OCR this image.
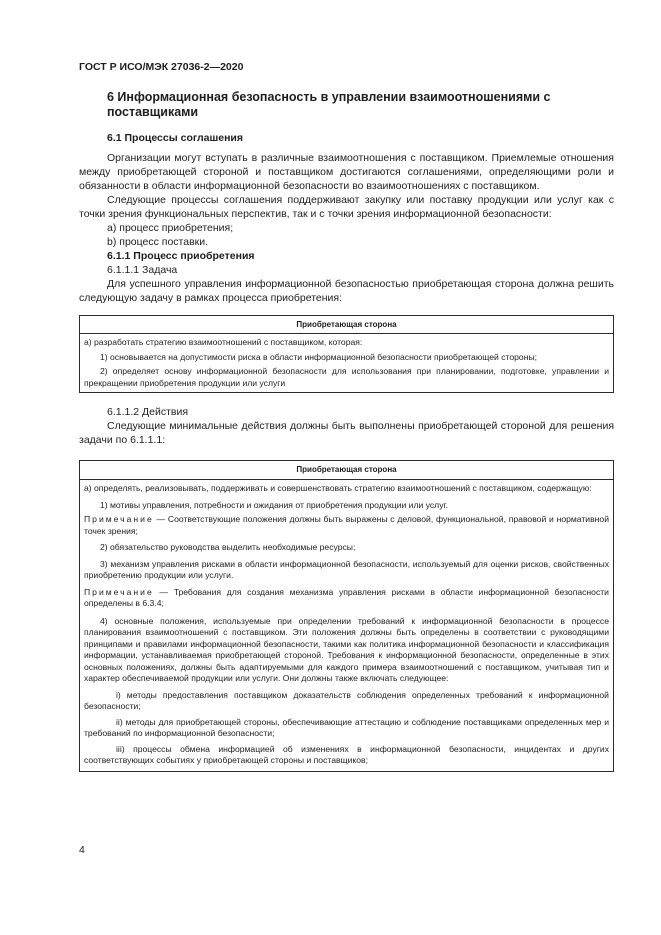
ГОСТ Р ИСО/МЭК 27036-2—2020
6 Информационная безопасность в управлении взаимоотношениями с поставщиками
6.1 Процессы соглашения

Организации могут вступать в различные взаимоотношения с поставщиком. Приемлемые отношения между приобретающей стороной и поставщиком достигаются соглашениями, определяющими роли и обязанности в области информационной безопасности во взаимоотношениях с поставщиком.

Следующие процессы соглашения поддерживают закупку или поставку продукции или услуг как с точки зрения функциональных перспектив, так и с точки зрения информационной безопасности:

а) процесс приобретения;

b) процесс поставки.

6.1.1 Процесс приобретения

6.1.1.1 Задача

Для успешного управления информационной безопасностью приобретающая сторона должна решить следующую задачу в рамках процесса приобретения:

Приобретающая сторона
а) разработать стратегию взаимоотношений с поставщиком, которая:
1) основывается на допустимости риска в области информационной безопасности приобретающей стороны;
2) определяет основу информационной безопасности для использования при планировании, подготовке, управлении и прекращении приобретения продукции или услуги

6.1.1.2 Действия

Следующие минимальные действия должны быть выполнены приобретающей стороной для решения задачи по 6.1.1.1:

Приобретающая сторона
а) определять, реализовывать, поддерживать и совершенствовать стратегию взаимоотношений с поставщиком, содержащую:
1) мотивы управления, потребности и ожидания от приобретения продукции или услуг.
Примечание — Соответствующие положения должны быть выражены с деловой, функциональной, правовой и нормативной точек зрения;
2) обязательство руководства выделить необходимые ресурсы;
3) механизм управления рисками в области информационной безопасности, используемый для оценки рисков, свойственных приобретению продукции или услуги.
Примечание — Требования для создания механизма управления рисками в области информационной безопасности определены в 6.3.4;
4) основные положения, используемые при определении требований к информационной безопасности в процессе планирования взаимоотношений с поставщиком. Эти положения должны быть определены в соответствии с руководящими принципами и правилами информационной безопасности, такими как политика информационной безопасности и классификация информации, устанавливаемая приобретающей стороной. Требования к информационной безопасности, определенные в этих основных положениях, должны быть адаптируемыми для каждого примера взаимоотношений с поставщиком, учитывая тип и характер обеспечиваемой продукции или услуги. Они должны также включать следующее:
i) методы предоставления поставщиком доказательств соблюдения определенных требований к информационной безопасности;
ii) методы для приобретающей стороны, обеспечивающие аттестацию и соблюдение поставщиками определенных мер и требований по информационной безопасности;
iii) процессы обмена информацией об изменениях в информационной безопасности, инцидентах и других соответствующих событиях у приобретающей стороны и поставщиков;
4
